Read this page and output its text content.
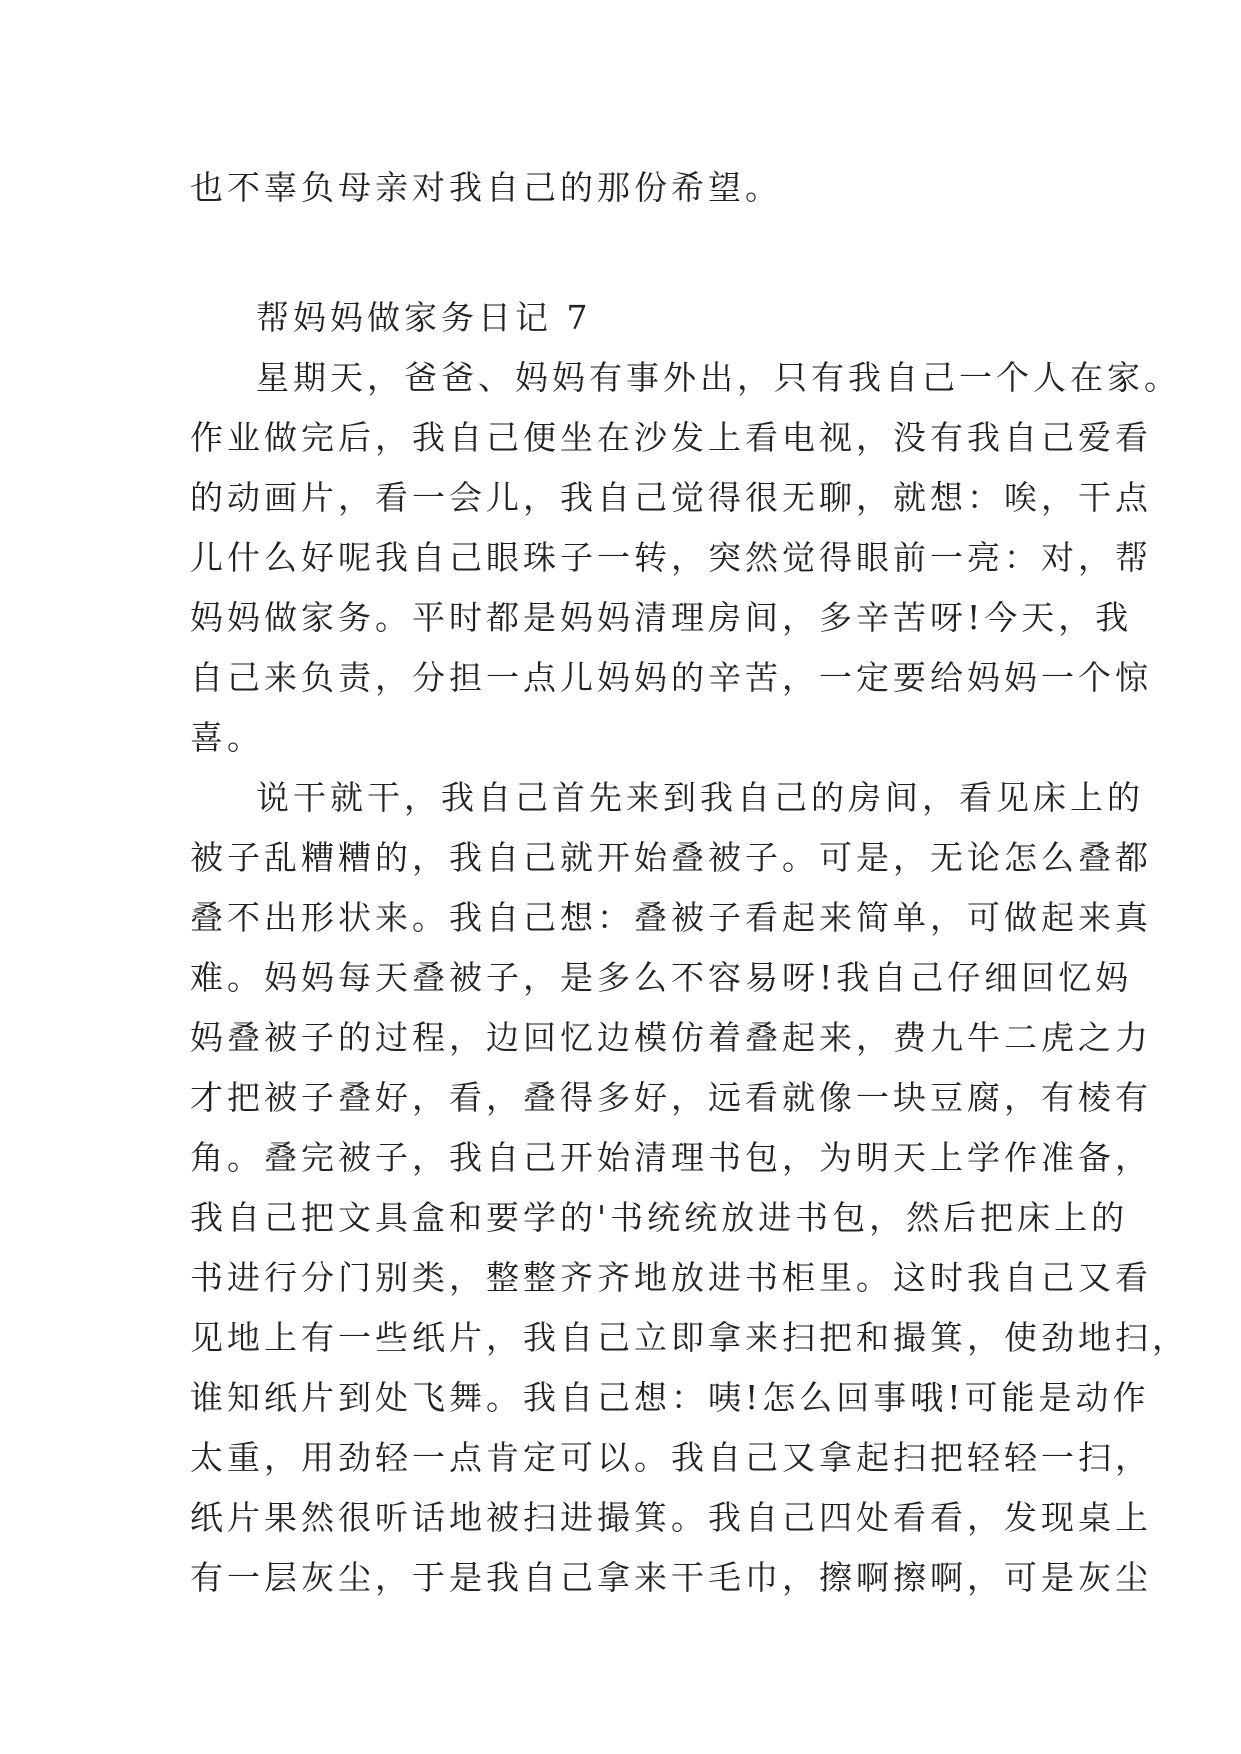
也不辜负母亲对我自己的那份希望。
帮妈妈做家务日记 7
星期天，爸爸、妈妈有事外出，只有我自己一个人在家。
作业做完后，我自己便坐在沙发上看电视，没有我自己爱看
的动画片，看一会儿，我自己觉得很无聊，就想：唉，干点
儿什么好呢我自己眼珠子一转，突然觉得眼前一亮：对，帮
妈妈做家务。平时都是妈妈清理房间，多辛苦呀!今天，我
自己来负责，分担一点儿妈妈的辛苦，一定要给妈妈一个惊
喜。
说干就干，我自己首先来到我自己的房间，看见床上的
被子乱糟糟的，我自己就开始叠被子。可是，无论怎么叠都
叠不出形状来。我自己想：叠被子看起来简单，可做起来真
难。妈妈每天叠被子，是多么不容易呀!我自己仔细回忆妈
妈叠被子的过程，边回忆边模仿着叠起来，费九牛二虎之力
才把被子叠好，看，叠得多好，远看就像一块豆腐，有棱有
角。叠完被子，我自己开始清理书包，为明天上学作准备，
我自己把文具盒和要学的'书统统放进书包，然后把床上的
书进行分门别类，整整齐齐地放进书柜里。这时我自己又看
见地上有一些纸片，我自己立即拿来扫把和撮箕，使劲地扫，
谁知纸片到处飞舞。我自己想：咦!怎么回事哦!可能是动作
太重，用劲轻一点肯定可以。我自己又拿起扫把轻轻一扫，
纸片果然很听话地被扫进撮箕。我自己四处看看，发现桌上
有一层灰尘，于是我自己拿来干毛巾，擦啊擦啊，可是灰尘
